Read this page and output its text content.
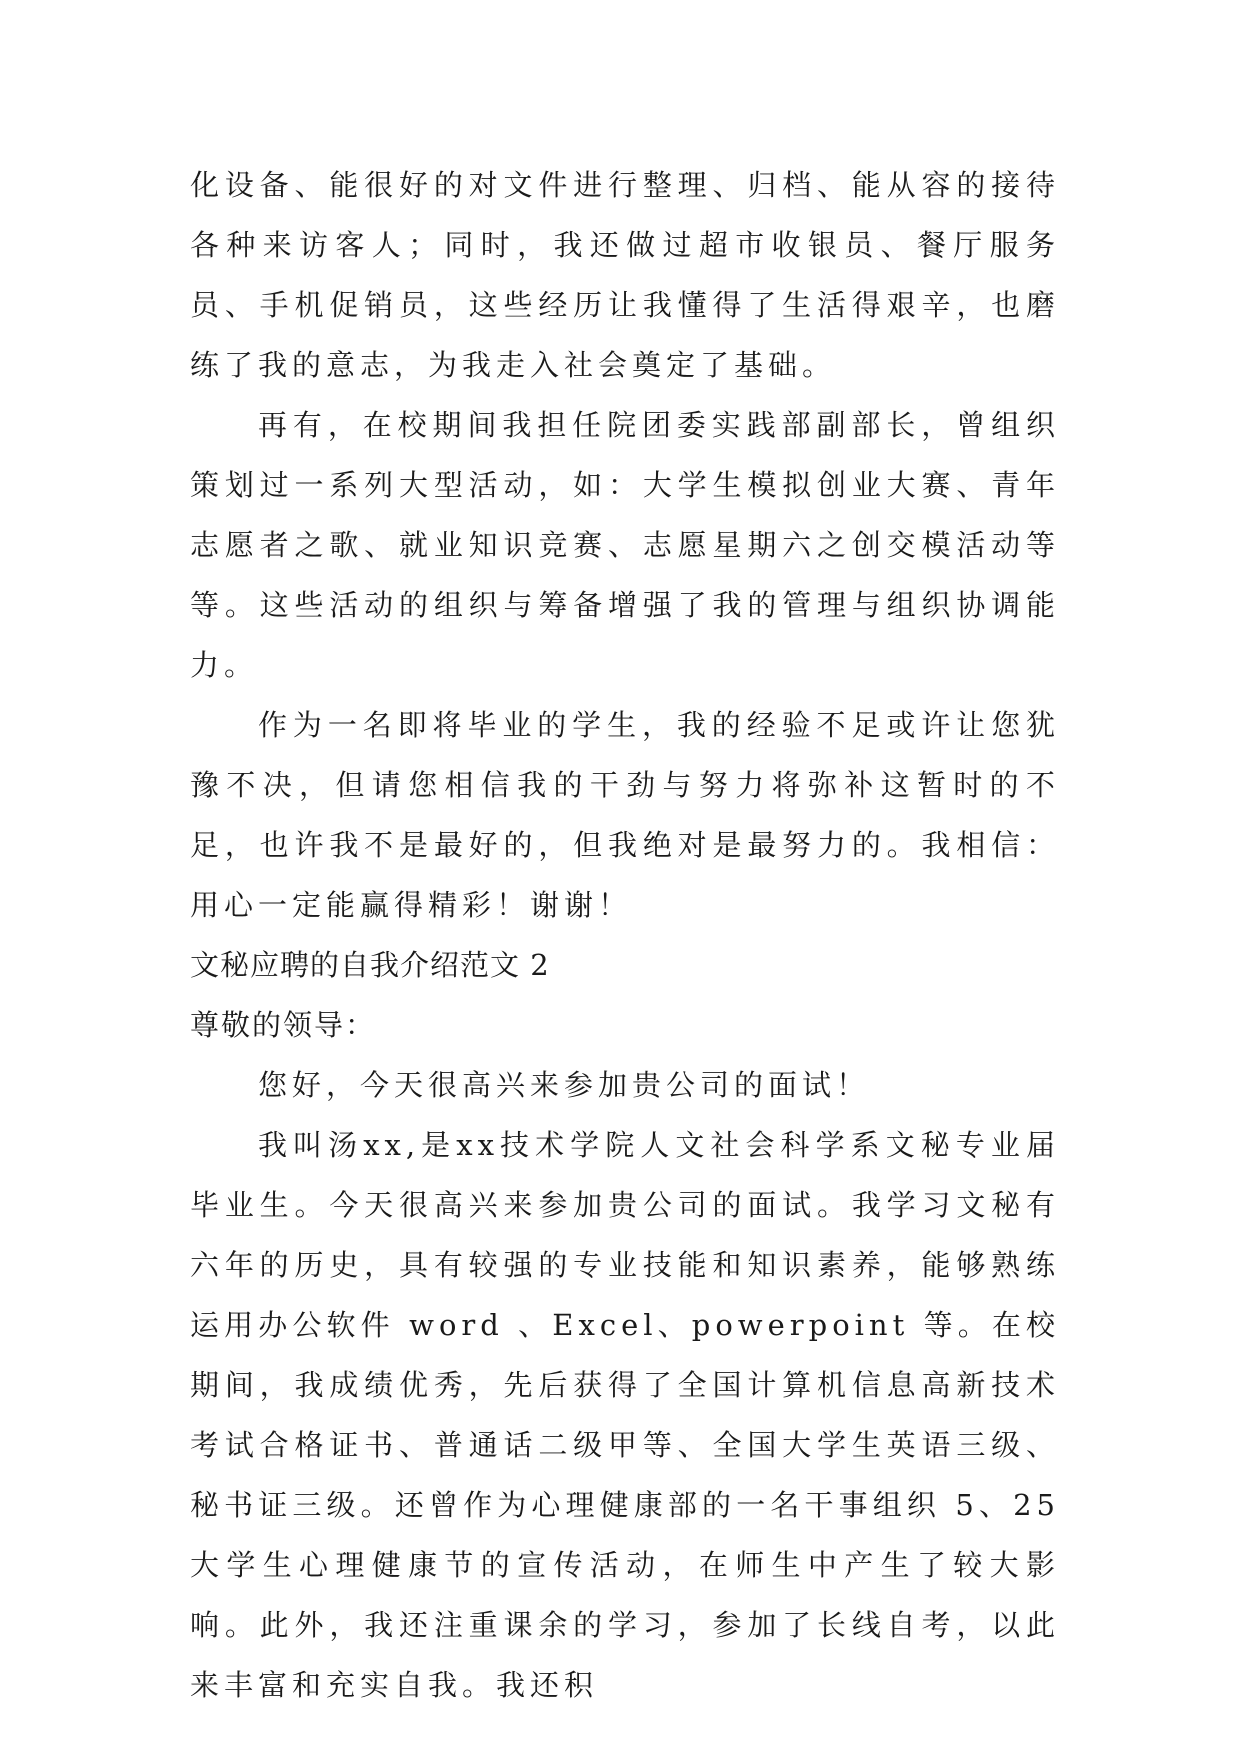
化设备、能很好的对文件进行整理、归档、能从容的接待各种来访客人；同时，我还做过超市收银员、餐厅服务员、手机促销员，这些经历让我懂得了生活得艰辛，也磨练了我的意志，为我走入社会奠定了基础。

再有，在校期间我担任院团委实践部副部长，曾组织策划过一系列大型活动，如：大学生模拟创业大赛、青年志愿者之歌、就业知识竞赛、志愿星期六之创交模活动等等。这些活动的组织与筹备增强了我的管理与组织协调能力。

作为一名即将毕业的学生，我的经验不足或许让您犹豫不决，但请您相信我的干劲与努力将弥补这暂时的不足，也许我不是最好的，但我绝对是最努力的。我相信：用心一定能赢得精彩！谢谢！

文秘应聘的自我介绍范文 2

尊敬的领导：

您好，今天很高兴来参加贵公司的面试！

我叫汤xx,是xx技术学院人文社会科学系文秘专业届毕业生。今天很高兴来参加贵公司的面试。我学习文秘有六年的历史，具有较强的专业技能和知识素养，能够熟练运用办公软件 word 、Excel、powerpoint 等。在校期间，我成绩优秀，先后获得了全国计算机信息高新技术考试合格证书、普通话二级甲等、全国大学生英语三级、秘书证三级。还曾作为心理健康部的一名干事组织 5、25 大学生心理健康节的宣传活动，在师生中产生了较大影响。此外，我还注重课余的学习，参加了长线自考，以此来丰富和充实自我。我还积
